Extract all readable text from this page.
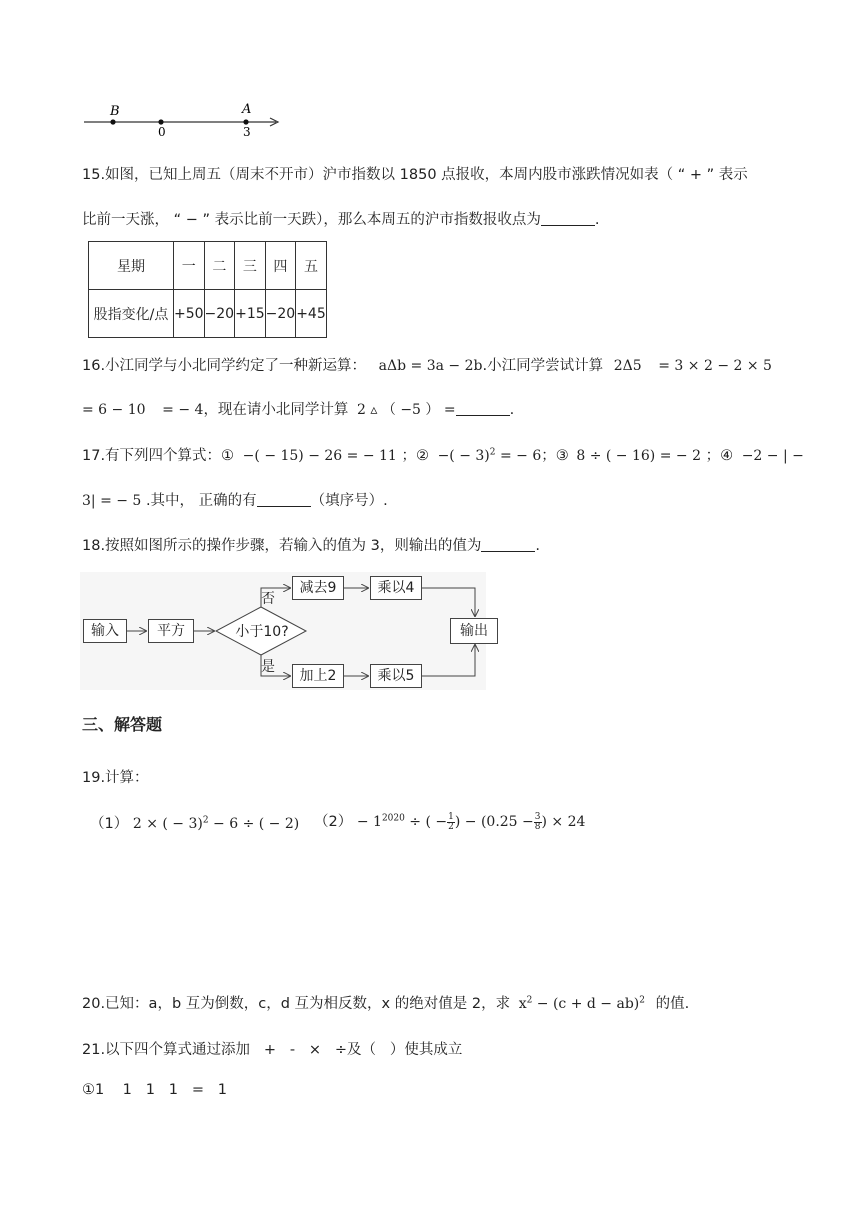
B	A
0	3
15.如图，已知上周五（周末不开市）沪市指数以 1850 点报收，本周内股市涨跌情况如表（ “ + ” 表示
比前一天涨， “ − ” 表示比前一天跌），那么本周五的沪市指数报收点为	.
星期	一	二	三	四	五
股指变化/点	+50	−20	+15	−20	+45
16.小江同学与小北同学约定了一种新运算： aΔb = 3a − 2b.小江同学尝试计算 2Δ5 = 3 × 2 − 2 × 5
= 6 − 10 = − 4，现在请小北同学计算 2 ▵ （ −5 ） =	.
17.有下列四个算式：① −( − 15) − 26 = − 11 ；② −( − 3)$^2$ = − 6；③ 8 ÷ ( − 16) = − 2 ；④ −2 − | −
3| = − 5 .其中， 正确的有	（填序号）.
18.按照如图所示的操作步骤，若输入的值为 3，则输出的值为	.
输入	平方	小于10?
否
是
减去9	乘以4
加上2	乘以5
输出
三、解答题
19.计算：
（1） 2 × ( − 3)$^2$ − 6 ÷ ( − 2) $(2) - 1^{2020}$ ÷ ( − $\frac{1}{2}$ ) − ($0.25 - \frac{3}{8}$ ) × 24
20.已知：a，b 互为倒数，c，d 互为相反数，x 的绝对值是 2，求 $x^2 - (c + d - ab)^2$ 的值.
21.以下四个算式通过添加   +   -   ×   ÷及（   ）使其成立
①1    1   1   1   =   1
